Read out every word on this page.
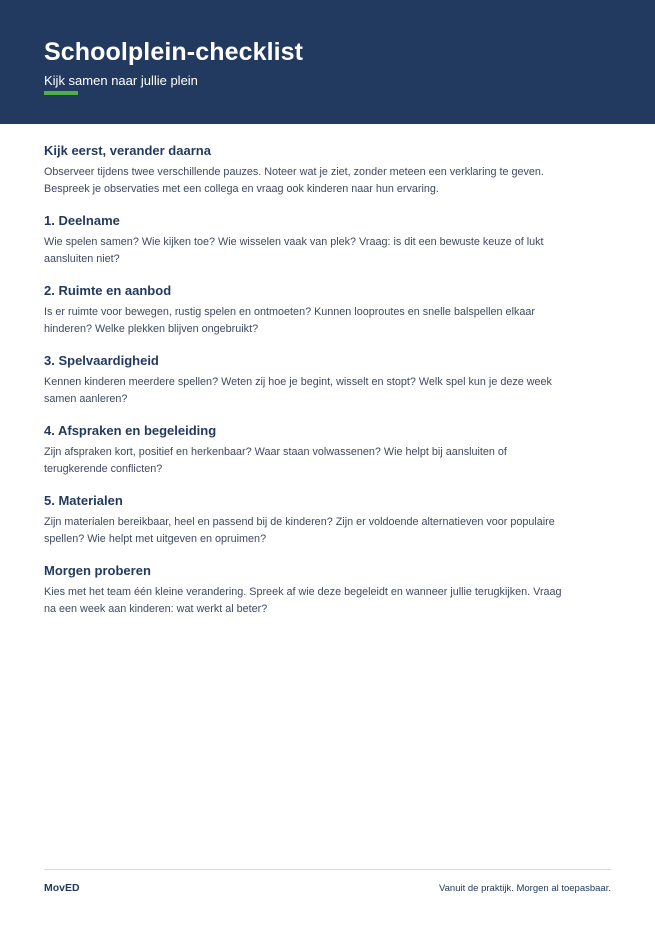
Schoolplein-checklist
Kijk samen naar jullie plein
Kijk eerst, verander daarna

Observeer tijdens twee verschillende pauzes. Noteer wat je ziet, zonder meteen een verklaring te geven. Bespreek je observaties met een collega en vraag ook kinderen naar hun ervaring.

1. Deelname

Wie spelen samen? Wie kijken toe? Wie wisselen vaak van plek? Vraag: is dit een bewuste keuze of lukt aansluiten niet?

2. Ruimte en aanbod

Is er ruimte voor bewegen, rustig spelen en ontmoeten? Kunnen looproutes en snelle balspellen elkaar hinderen? Welke plekken blijven ongebruikt?

3. Spelvaardigheid

Kennen kinderen meerdere spellen? Weten zij hoe je begint, wisselt en stopt? Welk spel kun je deze week samen aanleren?

4. Afspraken en begeleiding

Zijn afspraken kort, positief en herkenbaar? Waar staan volwassenen? Wie helpt bij aansluiten of terugkerende conflicten?

5. Materialen

Zijn materialen bereikbaar, heel en passend bij de kinderen? Zijn er voldoende alternatieven voor populaire spellen? Wie helpt met uitgeven en opruimen?

Morgen proberen

Kies met het team één kleine verandering. Spreek af wie deze begeleidt en wanneer jullie terugkijken. Vraag na een week aan kinderen: wat werkt al beter?

MovED	Vanuit de praktijk. Morgen al toepasbaar.
